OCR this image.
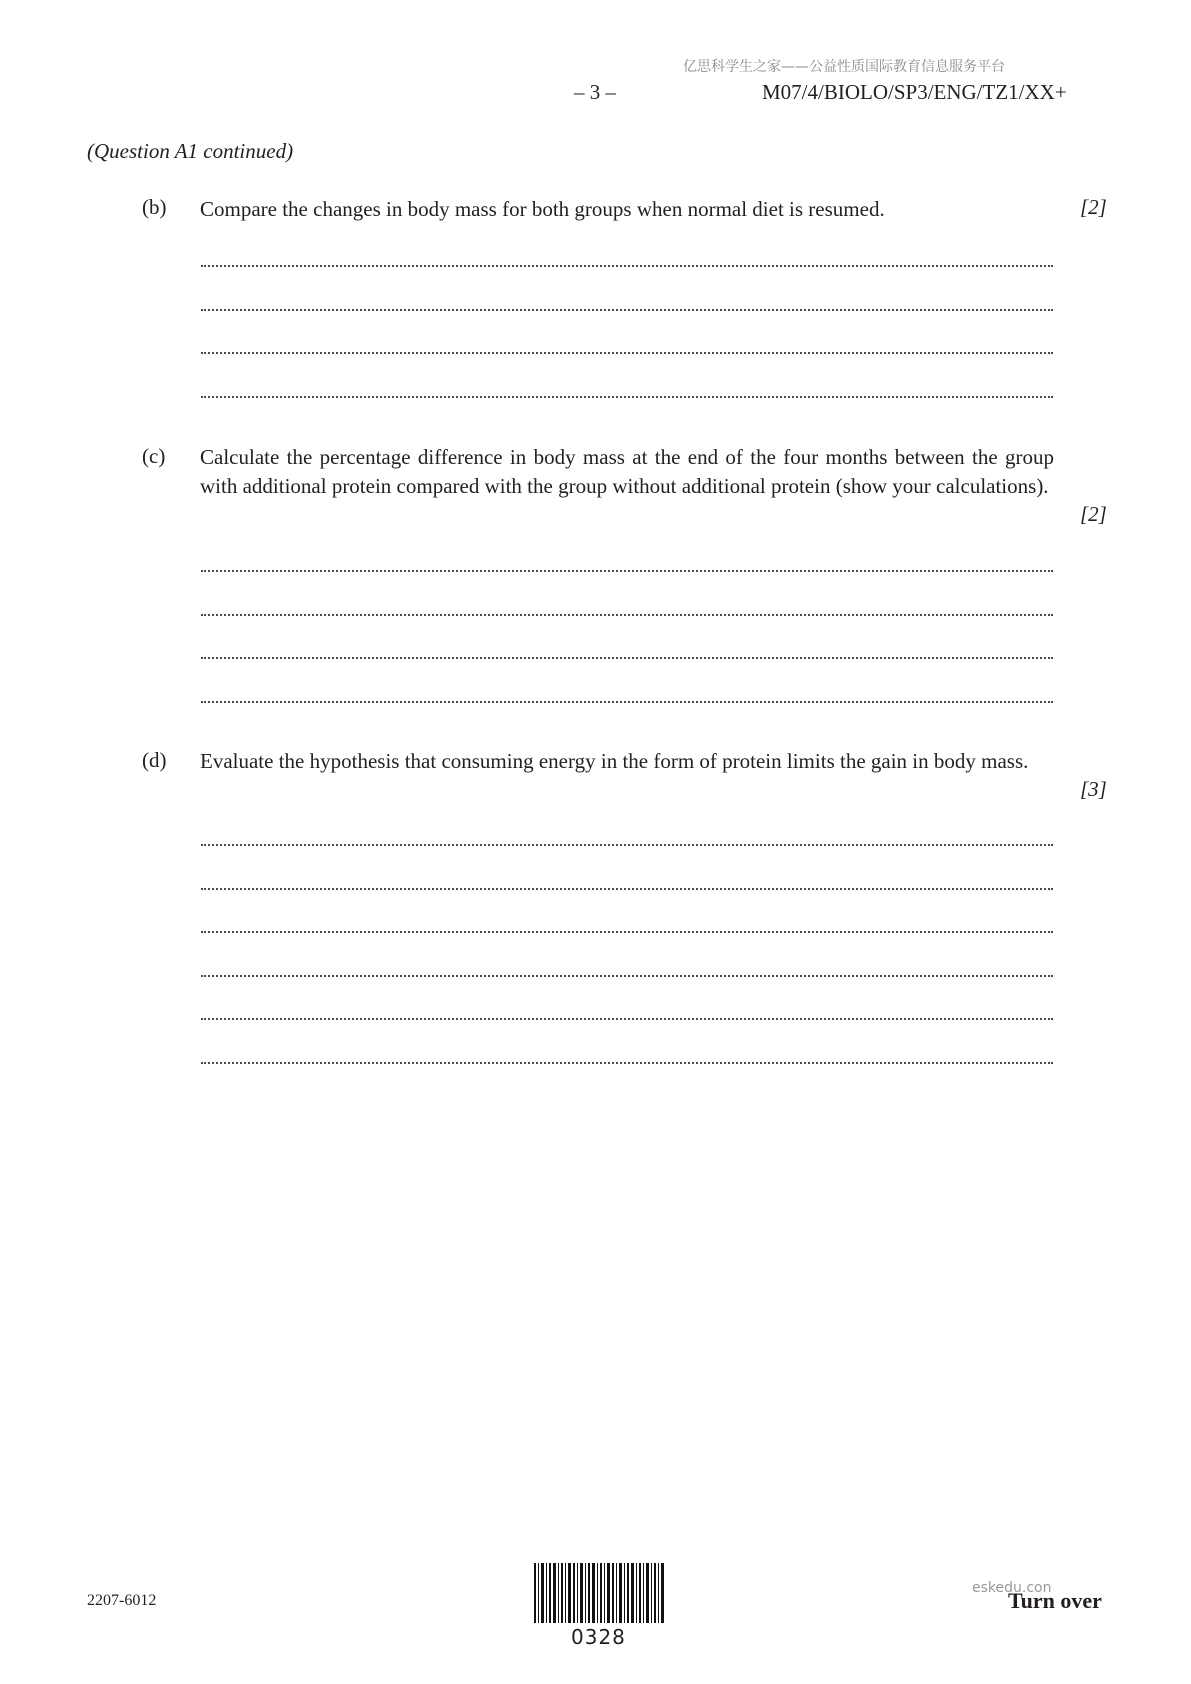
亿思科学生之家——公益性质国际教育信息服务平台
– 3 –	M07/4/BIOLO/SP3/ENG/TZ1/XX+
(Question A1 continued)
(b) Compare the changes in body mass for both groups when normal diet is resumed.	[2]
(c) Calculate the percentage difference in body mass at the end of the four months between the group with additional protein compared with the group without additional protein (show your calculations).
[2]
(d) Evaluate the hypothesis that consuming energy in the form of protein limits the gain in body mass.
[3]
2207-6012
0328
eskedu.con
Turn over
